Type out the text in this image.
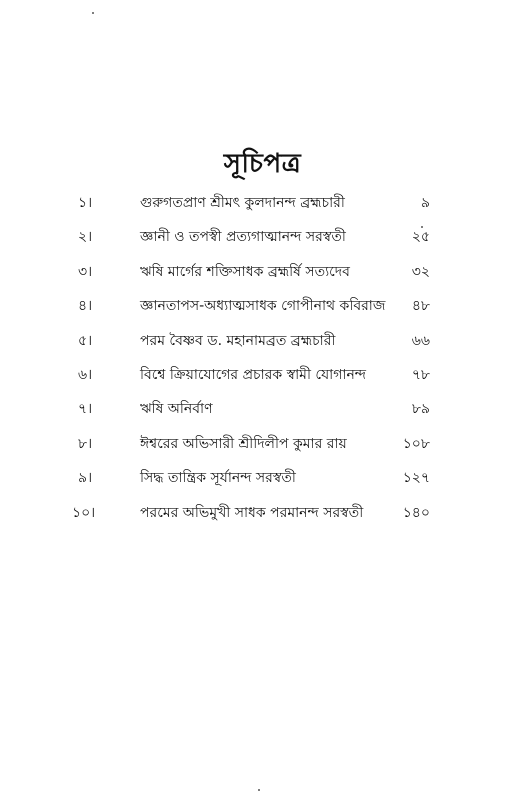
সূচিপত্র
১।	গুরুগতপ্রাণ শ্রীমৎ কুলদানন্দ ব্রহ্মচারী	৯
২।	জ্ঞানী ও তপস্বী প্রত্যগাত্মানন্দ সরস্বতী	২৫
৩।	ঋষি মার্গের শক্তিসাধক ব্রহ্মর্ষি সত্যদেব	৩২
৪।	জ্ঞানতাপস-অধ্যাত্মসাধক গোপীনাথ কবিরাজ ৪৮
৫।	পরম বৈষ্ণব ড. মহানামব্রত ব্রহ্মচারী	৬৬
৬।	বিশ্বে ক্রিয়াযোগের প্রচারক স্বামী যোগানন্দ	৭৮
৭।	ঋষি অনির্বাণ	৮৯
৮।	ঈশ্বরের অভিসারী শ্রীদিলীপ কুমার রায়	১০৮
৯।	সিদ্ধ তান্ত্রিক সূর্যানন্দ সরস্বতী	১২৭
১০।	পরমের অভিমুখী সাধক পরমানন্দ সরস্বতী	১৪০
